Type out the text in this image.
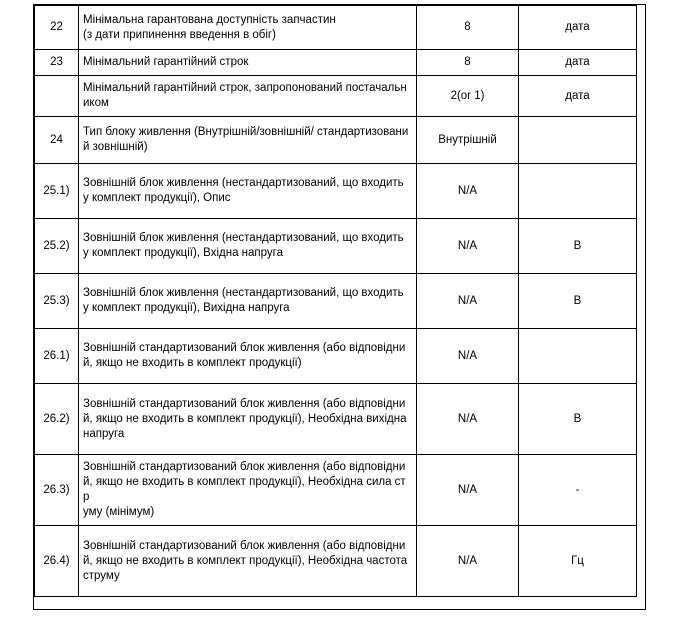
22	Мінімальна гарантована доступність запчастин
(з дати припинення введення в обіг)	8	дата
23	Мінімальний гарантійний строк	8	дата

	Мінімальний гарантійний строк, запропонований постачальн
иком	2(or 1)	дата
24	Тип блоку живлення (Внутрішній/зовнішній/ стандартизовани
й зовнішній)	Внутрішній	
25.1)	Зовнішній блок живлення (нестандартизований, що входить
у комплект продукції), Опис	N/A	
25.2)	Зовнішній блок живлення (нестандартизований, що входить
у комплект продукції), Вхідна напруга	N/A	В
25.3)	Зовнішній блок живлення (нестандартизований, що входить
у комплект продукції), Вихідна напруга	N/A	В
26.1)	Зовнішній стандартизований блок живлення (або відповідни
й, якщо не входить в комплект продукції)	N/A	
26.2)	Зовнішній стандартизований блок живлення (або відповідни
й, якщо не входить в комплект продукції), Необхідна вихідна
напруга	N/A	В
26.3)	Зовнішній стандартизований блок живлення (або відповідни
й, якщо не входить в комплект продукції), Необхідна сила стр
уму (мінімум)	N/A	-
26.4)	Зовнішній стандартизований блок живлення (або відповідни
й, якщо не входить в комплект продукції), Необхідна частота
струму	N/A	Гц
